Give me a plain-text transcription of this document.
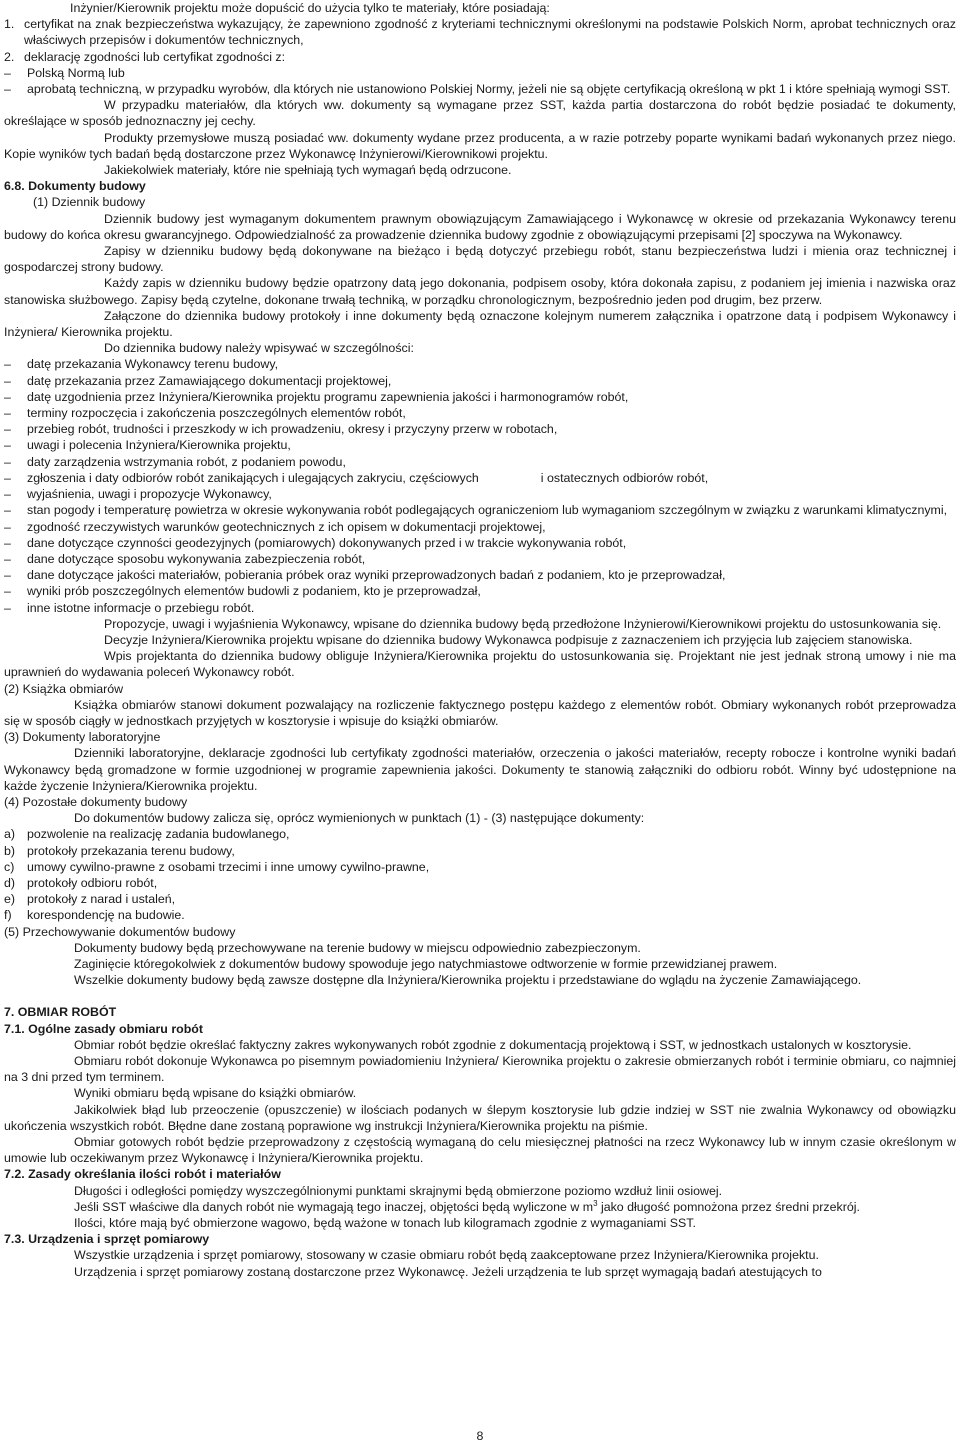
Inżynier/Kierownik projektu może dopuścić do użycia tylko te materiały, które posiadają:

1. certyfikat na znak bezpieczeństwa wykazujący, że zapewniono zgodność z kryteriami technicznymi określonymi na podstawie Polskich Norm, aprobat technicznych oraz właściwych przepisów i dokumentów technicznych,
2. deklarację zgodności lub certyfikat zgodności z:
–	Polską Normą lub
–	aprobatą techniczną, w przypadku wyrobów, dla których nie ustanowiono Polskiej Normy, jeżeli nie są objęte certyfikacją określoną w pkt 1 i które spełniają wymogi SST.

W przypadku materiałów, dla których ww. dokumenty są wymagane przez SST, każda partia dostarczona do robót będzie posiadać te dokumenty, określające w sposób jednoznaczny jej cechy.

Produkty przemysłowe muszą posiadać ww. dokumenty wydane przez producenta, a w razie potrzeby poparte wynikami badań wykonanych przez niego. Kopie wyników tych badań będą dostarczone przez Wykonawcę Inżynierowi/Kierownikowi projektu.

Jakiekolwiek materiały, które nie spełniają tych wymagań będą odrzucone.

6.8. Dokumenty budowy

(1) Dziennik budowy

Dziennik budowy jest wymaganym dokumentem prawnym obowiązującym Zamawiającego i Wykonawcę w okresie od przekazania Wykonawcy terenu budowy do końca okresu gwarancyjnego. Odpowiedzialność za prowadzenie dziennika budowy zgodnie z obowiązującymi przepisami [2] spoczywa na Wykonawcy.

Zapisy w dzienniku budowy będą dokonywane na bieżąco i będą dotyczyć przebiegu robót, stanu bezpieczeństwa ludzi i mienia oraz technicznej i gospodarczej strony budowy.

Każdy zapis w dzienniku budowy będzie opatrzony datą jego dokonania, podpisem osoby, która dokonała zapisu, z podaniem jej imienia i nazwiska oraz stanowiska służbowego. Zapisy będą czytelne, dokonane trwałą techniką, w porządku chronologicznym, bezpośrednio jeden pod drugim, bez przerw.

Załączone do dziennika budowy protokoły i inne dokumenty będą oznaczone kolejnym numerem załącznika i opatrzone datą i podpisem Wykonawcy i Inżyniera/ Kierownika projektu.

Do dziennika budowy należy wpisywać w szczególności:

–	datę przekazania Wykonawcy terenu budowy,
–	datę przekazania przez Zamawiającego dokumentacji projektowej,
–	datę uzgodnienia przez Inżyniera/Kierownika projektu programu zapewnienia jakości i harmonogramów robót,
–	terminy rozpoczęcia i zakończenia poszczególnych elementów robót,
–	przebieg robót, trudności i przeszkody w ich prowadzeniu, okresy i przyczyny przerw w robotach,
–	uwagi i polecenia Inżyniera/Kierownika projektu,
–	daty zarządzenia wstrzymania robót, z podaniem powodu,
–	zgłoszenia i daty odbiorów robót zanikających i ulegających zakryciu, częściowych	i ostatecznych odbiorów robót,
–	wyjaśnienia, uwagi i propozycje Wykonawcy,
–	stan pogody i temperaturę powietrza w okresie wykonywania robót podlegających ograniczeniom lub wymaganiom szczególnym w związku z warunkami klimatycznymi,
–	zgodność rzeczywistych warunków geotechnicznych z ich opisem w dokumentacji projektowej,
–	dane dotyczące czynności geodezyjnych (pomiarowych) dokonywanych przed i w trakcie wykonywania robót,
–	dane dotyczące sposobu wykonywania zabezpieczenia robót,
–	dane dotyczące jakości materiałów, pobierania próbek oraz wyniki przeprowadzonych badań z podaniem, kto je przeprowadzał,
–	wyniki prób poszczególnych elementów budowli z podaniem, kto je przeprowadzał,
–	inne istotne informacje o przebiegu robót.

Propozycje, uwagi i wyjaśnienia Wykonawcy, wpisane do dziennika budowy będą przedłożone Inżynierowi/Kierownikowi projektu do ustosunkowania się.

Decyzje Inżyniera/Kierownika projektu wpisane do dziennika budowy Wykonawca podpisuje z zaznaczeniem ich przyjęcia lub zajęciem stanowiska.

Wpis projektanta do dziennika budowy obliguje Inżyniera/Kierownika projektu do ustosunkowania się. Projektant nie jest jednak stroną umowy i nie ma uprawnień do wydawania poleceń Wykonawcy robót.

(2) Książka obmiarów

Książka obmiarów stanowi dokument pozwalający na rozliczenie faktycznego postępu każdego z elementów robót. Obmiary wykonanych robót przeprowadza się w sposób ciągły w jednostkach przyjętych w kosztorysie i wpisuje do książki obmiarów.

(3) Dokumenty laboratoryjne

Dzienniki laboratoryjne, deklaracje zgodności lub certyfikaty zgodności materiałów, orzeczenia o jakości materiałów, recepty robocze i kontrolne wyniki badań Wykonawcy będą gromadzone w formie uzgodnionej w programie zapewnienia jakości. Dokumenty te stanowią załączniki do odbioru robót. Winny być udostępnione na każde życzenie Inżyniera/Kierownika projektu.

(4) Pozostałe dokumenty budowy

Do dokumentów budowy zalicza się, oprócz wymienionych w punktach (1) - (3) następujące dokumenty:

a) pozwolenie na realizację zadania budowlanego,
b) protokoły przekazania terenu budowy,
c)	umowy cywilno-prawne z osobami trzecimi i inne umowy cywilno-prawne,
d) protokoły odbioru robót,
e) protokoły z narad i ustaleń,
f)	korespondencję na budowie.

(5) Przechowywanie dokumentów budowy

Dokumenty budowy będą przechowywane na terenie budowy w miejscu odpowiednio zabezpieczonym.

Zaginięcie któregokolwiek z dokumentów budowy spowoduje jego natychmiastowe odtworzenie w formie przewidzianej prawem.

Wszelkie dokumenty budowy będą zawsze dostępne dla Inżyniera/Kierownika projektu i przedstawiane do wglądu na życzenie Zamawiającego.

7. OBMIAR ROBÓT

7.1. Ogólne zasady obmiaru robót

Obmiar robót będzie określać faktyczny zakres wykonywanych robót zgodnie z dokumentacją projektową i SST, w jednostkach ustalonych w kosztorysie.

Obmiaru robót dokonuje Wykonawca po pisemnym powiadomieniu Inżyniera/ Kierownika projektu o zakresie obmierzanych robót i terminie obmiaru, co najmniej na 3 dni przed tym terminem.

Wyniki obmiaru będą wpisane do książki obmiarów.

Jakikolwiek błąd lub przeoczenie (opuszczenie) w ilościach podanych w ślepym kosztorysie lub gdzie indziej w SST nie zwalnia Wykonawcy od obowiązku ukończenia wszystkich robót. Błędne dane zostaną poprawione wg instrukcji Inżyniera/Kierownika projektu na piśmie.

Obmiar gotowych robót będzie przeprowadzony z częstością wymaganą do celu miesięcznej płatności na rzecz Wykonawcy lub w innym czasie określonym w umowie lub oczekiwanym przez Wykonawcę i Inżyniera/Kierownika projektu.

7.2. Zasady określania ilości robót i materiałów

Długości i odległości pomiędzy wyszczególnionymi punktami skrajnymi będą obmierzone poziomo wzdłuż linii osiowej.

Jeśli SST właściwe dla danych robót nie wymagają tego inaczej, objętości będą wyliczone w $m^3$ jako długość pomnożona przez średni przekrój.

Ilości, które mają być obmierzone wagowo, będą ważone w tonach lub kilogramach zgodnie z wymaganiami SST.

7.3. Urządzenia i sprzęt pomiarowy

Wszystkie urządzenia i sprzęt pomiarowy, stosowany w czasie obmiaru robót będą zaakceptowane przez Inżyniera/Kierownika projektu.

Urządzenia i sprzęt pomiarowy zostaną dostarczone przez Wykonawcę. Jeżeli urządzenia te lub sprzęt wymagają badań atestujących to

8
